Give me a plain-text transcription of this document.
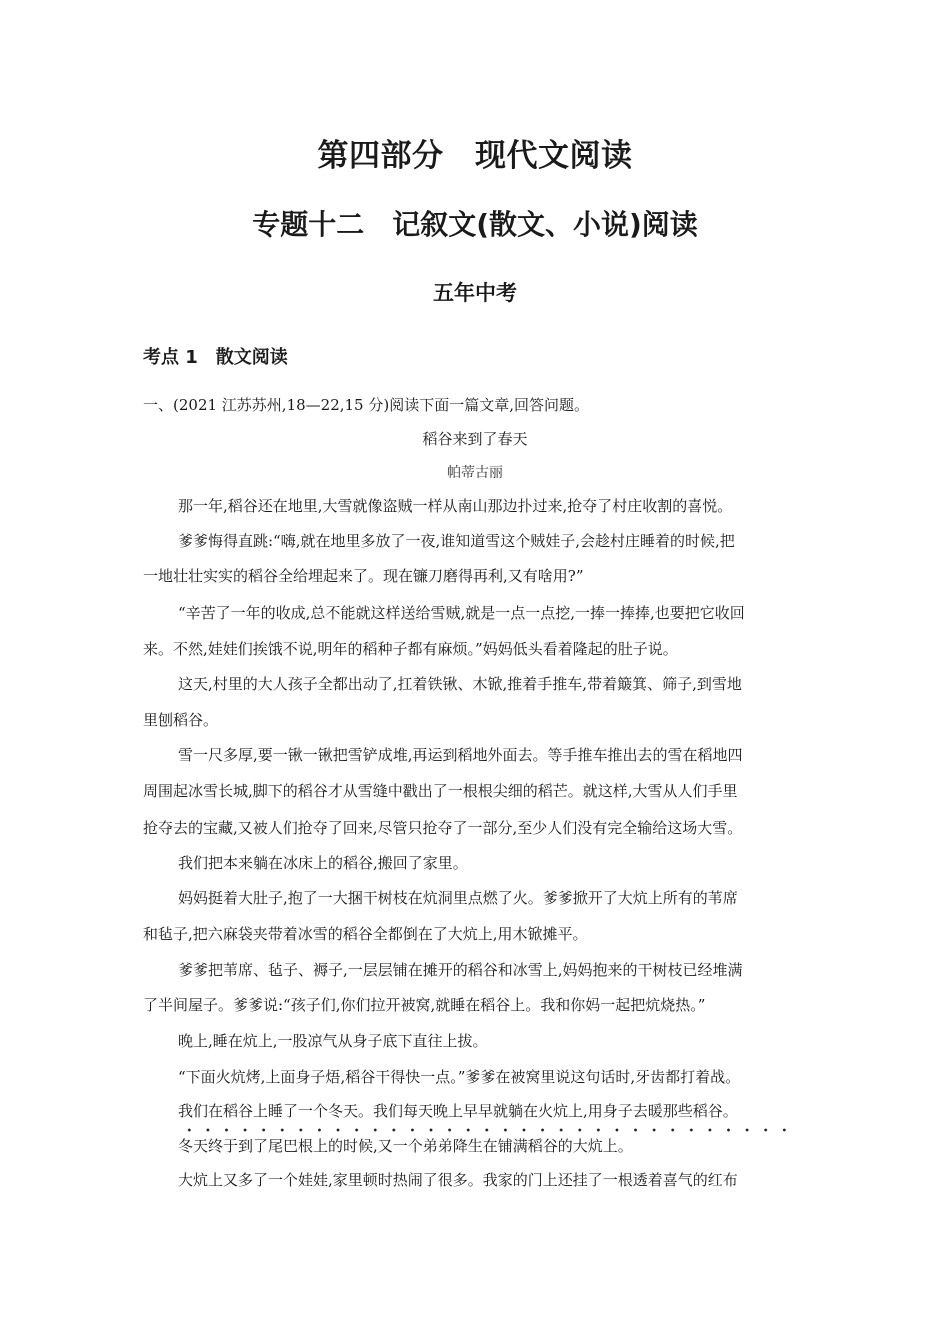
第四部分　现代文阅读
专题十二　记叙文(散文、小说)阅读
五年中考
考点 1　散文阅读
一、(2021 江苏苏州,18—22,15 分)阅读下面一篇文章,回答问题。
稻谷来到了春天
帕蒂古丽
那一年,稻谷还在地里,大雪就像盗贼一样从南山那边扑过来,抢夺了村庄收割的喜悦。
爹爹悔得直跳:“嗨,就在地里多放了一夜,谁知道雪这个贼娃子,会趁村庄睡着的时候,把
一地壮壮实实的稻谷全给埋起来了。现在镰刀磨得再利,又有啥用?”
“辛苦了一年的收成,总不能就这样送给雪贼,就是一点一点挖,一捧一捧捧,也要把它收回
来。不然,娃娃们挨饿不说,明年的稻种子都有麻烦。”妈妈低头看着隆起的肚子说。
这天,村里的大人孩子全都出动了,扛着铁锹、木锨,推着手推车,带着簸箕、筛子,到雪地
里刨稻谷。
雪一尺多厚,要一锹一锹把雪铲成堆,再运到稻地外面去。等手推车推出去的雪在稻地四
周围起冰雪长城,脚下的稻谷才从雪缝中戳出了一根根尖细的稻芒。就这样,大雪从人们手里
抢夺去的宝藏,又被人们抢夺了回来,尽管只抢夺了一部分,至少人们没有完全输给这场大雪。
我们把本来躺在冰床上的稻谷,搬回了家里。
妈妈挺着大肚子,抱了一大捆干树枝在炕洞里点燃了火。爹爹掀开了大炕上所有的苇席
和毡子,把六麻袋夹带着冰雪的稻谷全都倒在了大炕上,用木锨摊平。
爹爹把苇席、毡子、褥子,一层层铺在摊开的稻谷和冰雪上,妈妈抱来的干树枝已经堆满
了半间屋子。爹爹说:“孩子们,你们拉开被窝,就睡在稻谷上。我和你妈一起把炕烧热。”
晚上,睡在炕上,一股凉气从身子底下直往上拔。
“下面火炕烤,上面身子焐,稻谷干得快一点。”爹爹在被窝里说这句话时,牙齿都打着战。
我们在稻谷上睡了一个冬天。我们每天晚上早早就躺在火炕上,用身子去暖那些稻谷。
冬天终于到了尾巴根上的时候,又一个弟弟降生在铺满稻谷的大炕上。
大炕上又多了一个娃娃,家里顿时热闹了很多。我家的门上还挂了一根透着喜气的红布
